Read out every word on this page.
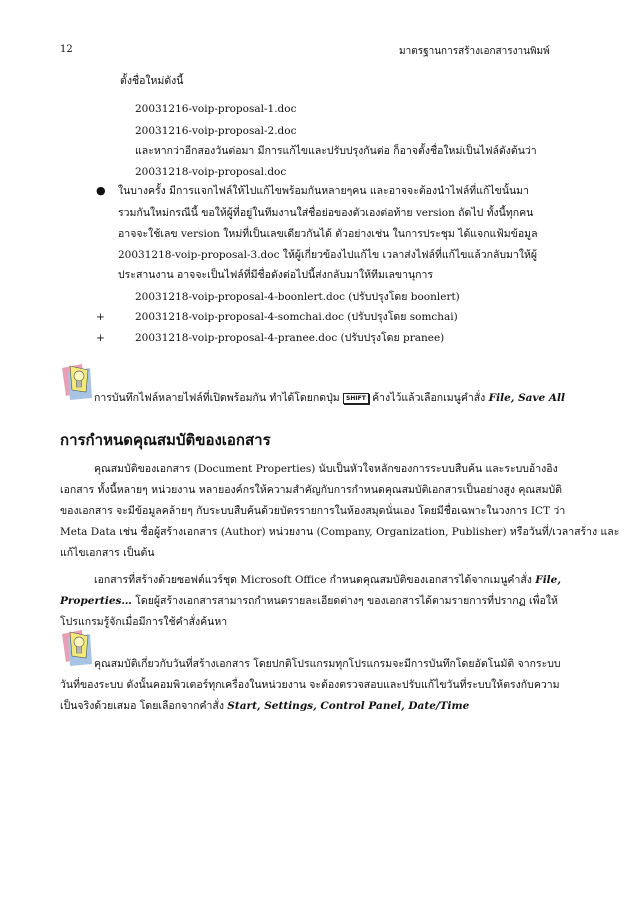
12	มาตรฐานการสร้างเอกสารงานพิมพ์
ตั้งชื่อใหม่ดังนี้
20031216-voip-proposal-1.doc
20031216-voip-proposal-2.doc
และหากว่าอีกสองวันต่อมา มีการแก้ไขและปรับปรุงกันต่อ ก็อาจตั้งชื่อใหม่เป็นไฟล์ดังต้นว่า
20031218-voip-proposal.doc
● ในบางครั้ง มีการแจกไฟล์ให้ไปแก้ไขพร้อมกันหลายๆคน และอาจจะต้องนำไฟล์ที่แก้ไขนั้นมา
รวมกันใหม่กรณีนี้ ขอให้ผู้ที่อยู่ในทีมงานใส่ชื่อย่อของตัวเองต่อท้าย version ถัดไป ทั้งนี้ทุกคน
อาจจะใช้เลข version ใหม่ที่เป็นเลขเดียวกันได้ ตัวอย่างเช่น ในการประชุม ได้แจกแฟ้มข้อมูล
20031218-voip-proposal-3.doc ให้ผู้เกี่ยวข้องไปแก้ไข เวลาส่งไฟล์ที่แก้ไขแล้วกลับมาให้ผู้
ประสานงาน อาจจะเป็นไฟล์ที่มีชื่อดังต่อไปนี้ส่งกลับมาให้ทีมเลขานุการ
20031218-voip-proposal-4-boonlert.doc (ปรับปรุงโดย boonlert)
+	20031218-voip-proposal-4-somchai.doc (ปรับปรุงโดย somchai)
+	20031218-voip-proposal-4-pranee.doc (ปรับปรุงโดย pranee)
การบันทึกไฟล์หลายไฟล์ที่เปิดพร้อมกัน ทำได้โดยกดปุ่ม SHIFT ค้างไว้แล้วเลือกเมนูคำสั่ง File, Save All
การกำหนดคุณสมบัติของเอกสาร
คุณสมบัติของเอกสาร (Document Properties) นับเป็นหัวใจหลักของการระบบสืบค้น และระบบอ้างอิง
เอกสาร ทั้งนี้หลายๆ หน่วยงาน หลายองค์กรให้ความสำคัญกับการกำหนดคุณสมบัติเอกสารเป็นอย่างสูง คุณสมบัติ
ของเอกสาร จะมีข้อมูลคล้ายๆ กับระบบสืบค้นด้วยบัตรรายการในห้องสมุดนั่นเอง โดยมีชื่อเฉพาะในวงการ ICT ว่า
Meta Data เช่น ชื่อผู้สร้างเอกสาร (Author) หน่วยงาน (Company, Organization, Publisher) หรือวันที่/เวลาสร้าง และ
แก้ไขเอกสาร เป็นต้น
เอกสารที่สร้างด้วยซอฟต์แวร์ชุด Microsoft Office กำหนดคุณสมบัติของเอกสารได้จากเมนูคำสั่ง File,
Properties… โดยผู้สร้างเอกสารสามารถกำหนดรายละเอียดต่างๆ ของเอกสารได้ตามรายการที่ปรากฏ เพื่อให้
โปรแกรมรู้จักเมื่อมีการใช้คำสั่งค้นหา
คุณสมบัติเกี่ยวกับวันที่สร้างเอกสาร โดยปกติโปรแกรมทุกโปรแกรมจะมีการบันทึกโดยอัตโนมัติ จากระบบ
วันที่ของระบบ ดังนั้นคอมพิวเตอร์ทุกเครื่องในหน่วยงาน จะต้องตรวจสอบและปรับแก้ไขวันที่ระบบให้ตรงกับความ
เป็นจริงด้วยเสมอ โดยเลือกจากคำสั่ง Start, Settings, Control Panel, Date/Time
